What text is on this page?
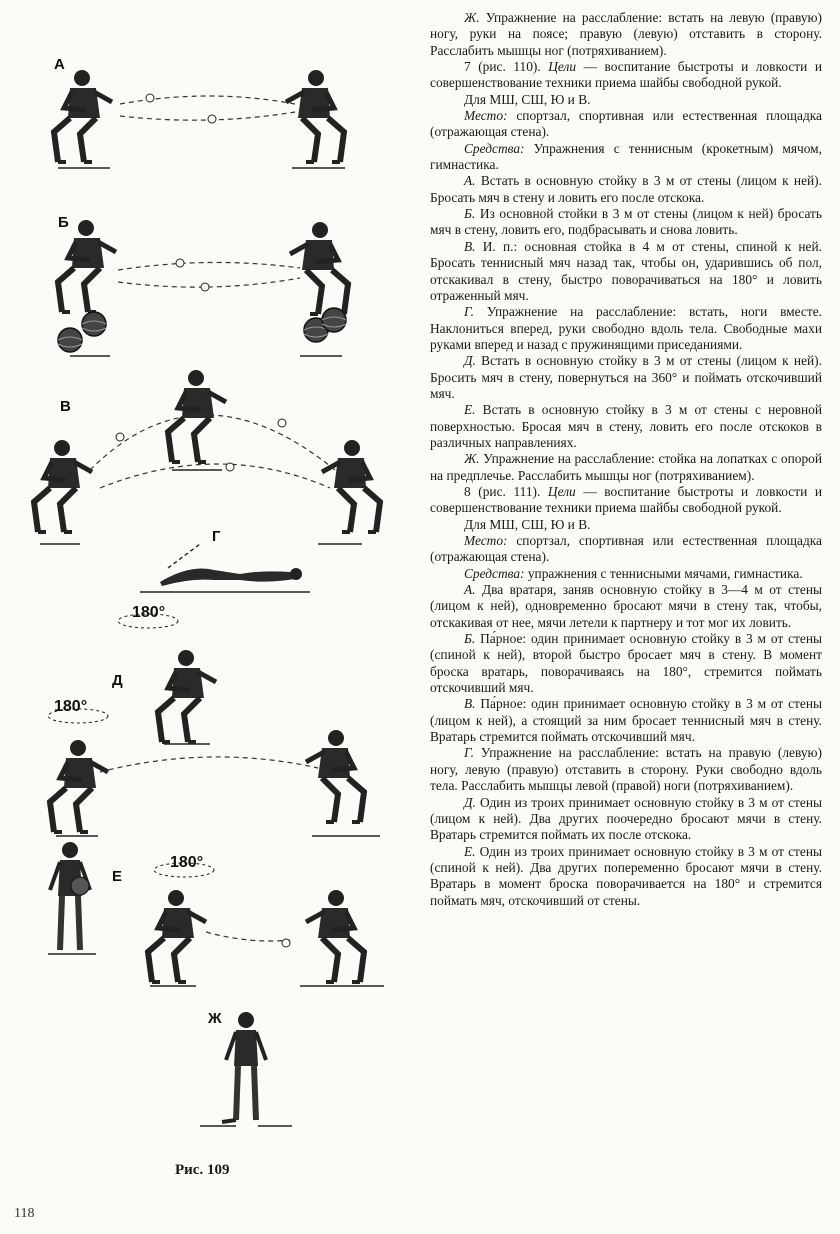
А
Б
В
Г
Д
Е
Ж
180°
180°
180°
Рис. 109
118

Ж. Упражнение на расслабление: встать на левую (правую) ногу, руки на поясе; правую (левую) отставить в сторону. Расслабить мышцы ног (потряхиванием).

7 (рис. 110). Цели — воспитание быстроты и ловкости и совершенствование техники приема шайбы свободной рукой.

Для МШ, СШ, Ю и В.

Место: спортзал, спортивная или естественная площадка (отражающая стена).

Средства: Упражнения с теннисным (крокетным) мячом, гимнастика.

А. Встать в основную стойку в 3 м от стены (лицом к ней). Бросать мяч в стену и ловить его после отскока.

Б. Из основной стойки в 3 м от стены (лицом к ней) бросать мяч в стену, ловить его, подбрасывать и снова ловить.

В. И. п.: основная стойка в 4 м от стены, спиной к ней. Бросать теннисный мяч назад так, чтобы он, ударившись об пол, отскакивал в стену, быстро поворачиваться на 180° и ловить отраженный мяч.

Г. Упражнение на расслабление: встать, ноги вместе. Наклониться вперед, руки свободно вдоль тела. Свободные махи руками вперед и назад с пружинящими приседаниями.

Д. Встать в основную стойку в 3 м от стены (лицом к ней). Бросить мяч в стену, повернуться на 360° и поймать отскочивший мяч.

Е. Встать в основную стойку в 3 м от стены с неровной поверхностью. Бросая мяч в стену, ловить его после отскоков в различных направлениях.

Ж. Упражнение на расслабление: стойка на лопатках с опорой на предплечье. Расслабить мышцы ног (потряхиванием).

8 (рис. 111). Цели — воспитание быстроты и ловкости и совершенствование техники приема шайбы свободной рукой.

Для МШ, СШ, Ю и В.

Место: спортзал, спортивная или естественная площадка (отражающая стена).

Средства: упражнения с теннисными мячами, гимнастика.

А. Два вратаря, заняв основную стойку в 3—4 м от стены (лицом к ней), одновременно бросают мячи в стену так, чтобы, отскакивая от нее, мячи летели к партнеру и тот мог их ловить.

Б. Па́рное: один принимает основную стойку в 3 м от стены (спиной к ней), второй быстро бросает мяч в стену. В момент броска вратарь, поворачиваясь на 180°, стремится поймать отскочивший мяч.

В. Па́рное: один принимает основную стойку в 3 м от стены (лицом к ней), а стоящий за ним бросает теннисный мяч в стену. Вратарь стремится поймать отскочивший мяч.

Г. Упражнение на расслабление: встать на правую (левую) ногу, левую (правую) отставить в сторону. Руки свободно вдоль тела. Расслабить мышцы левой (правой) ноги (потряхиванием).

Д. Один из троих принимает основную стойку в 3 м от стены (лицом к ней). Два других поочередно бросают мячи в стену. Вратарь стремится поймать их после отскока.

Е. Один из троих принимает основную стойку в 3 м от стены (спиной к ней). Два других попеременно бросают мячи в стену. Вратарь в момент броска поворачивается на 180° и стремится поймать мяч, отскочивший от стены.
